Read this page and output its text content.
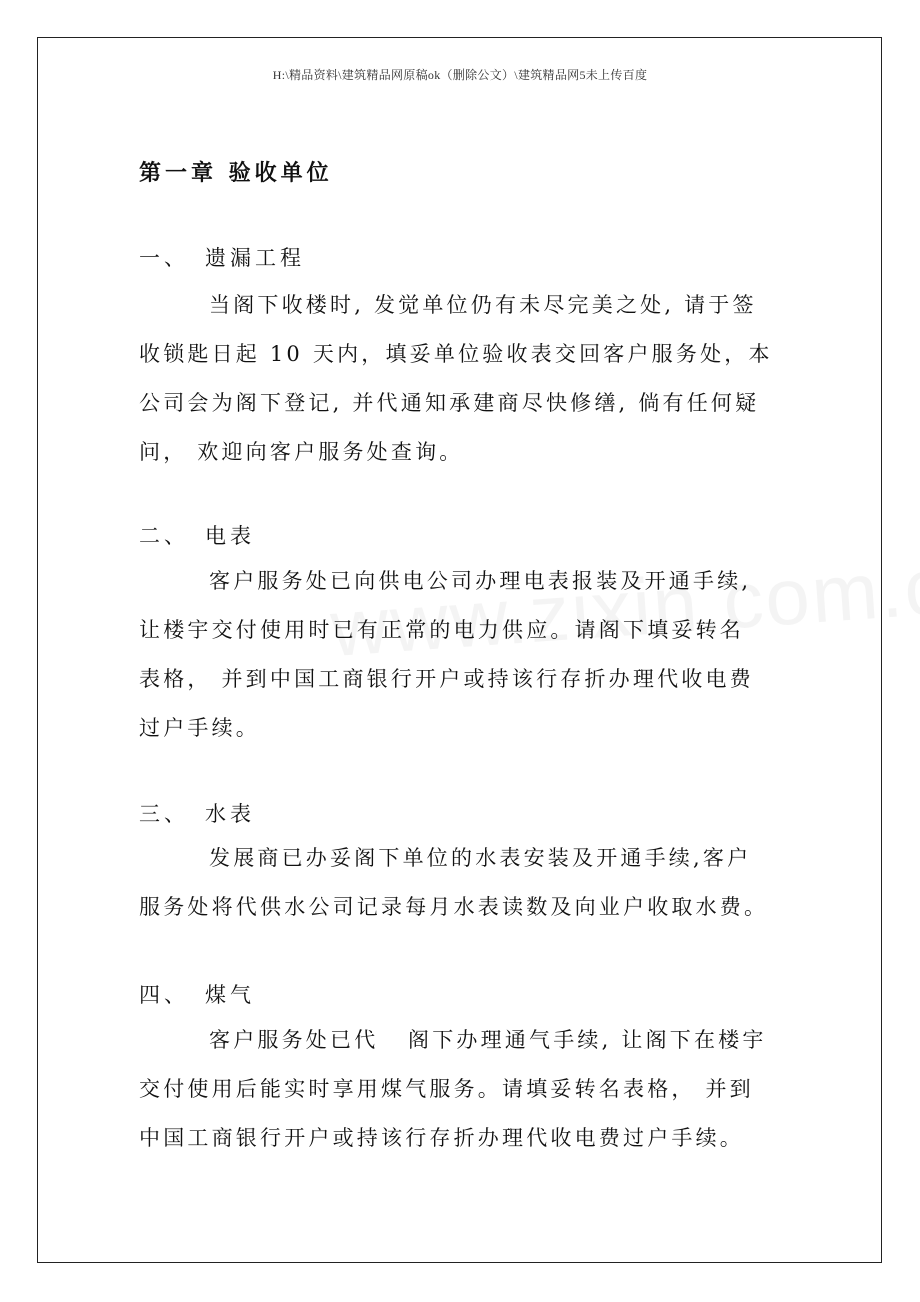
H:\精品资料\建筑精品网原稿ok（删除公文）\建筑精品网5未上传百度
第一章 验收单位
一、 遗漏工程
当阁下收楼时, 发觉单位仍有未尽完美之处, 请于签
收锁匙日起 10 天内，填妥单位验收表交回客户服务处，本
公司会为阁下登记, 并代通知承建商尽快修缮, 倘有任何疑
问， 欢迎向客户服务处查询。
二、 电表
客户服务处已向供电公司办理电表报装及开通手续,
让楼宇交付使用时已有正常的电力供应。请阁下填妥转名
表格， 并到中国工商银行开户或持该行存折办理代收电费
过户手续。
三、 水表
发展商已办妥阁下单位的水表安装及开通手续,客户
服务处将代供水公司记录每月水表读数及向业户收取水费。
四、 煤气
客户服务处已代   阁下办理通气手续, 让阁下在楼宇
交付使用后能实时享用煤气服务。请填妥转名表格， 并到
中国工商银行开户或持该行存折办理代收电费过户手续。
